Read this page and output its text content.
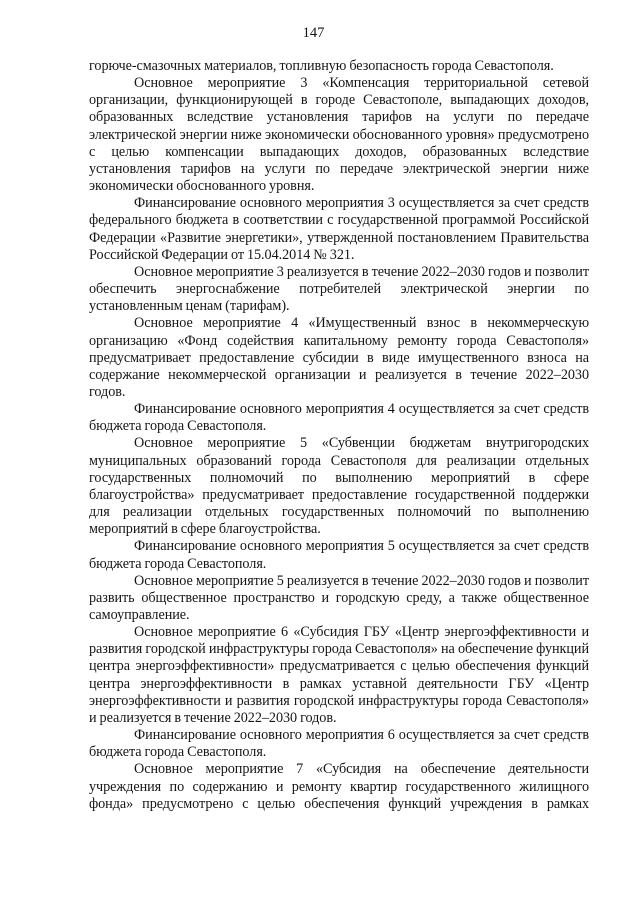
147

горюче-смазочных материалов, топливную безопасность города Севастополя.

Основное мероприятие 3 «Компенсация территориальной сетевой организации, функционирующей в городе Севастополе, выпадающих доходов, образованных вследствие установления тарифов на услуги по передаче электрической энергии ниже экономически обоснованного уровня» предусмотрено с целью компенсации выпадающих доходов, образованных вследствие установления тарифов на услуги по передаче электрической энергии ниже экономически обоснованного уровня.

Финансирование основного мероприятия 3 осуществляется за счет средств федерального бюджета в соответствии с государственной программой Российской Федерации «Развитие энергетики», утвержденной постановлением Правительства Российской Федерации от 15.04.2014 № 321.

Основное мероприятие 3 реализуется в течение 2022–2030 годов и позволит обеспечить энергоснабжение потребителей электрической энергии по установленным ценам (тарифам).

Основное мероприятие 4 «Имущественный взнос в некоммерческую организацию «Фонд содействия капитальному ремонту города Севастополя» предусматривает предоставление субсидии в виде имущественного взноса на содержание некоммерческой организации и реализуется в течение 2022–2030 годов.

Финансирование основного мероприятия 4 осуществляется за счет средств бюджета города Севастополя.

Основное мероприятие 5 «Субвенции бюджетам внутригородских муниципальных образований города Севастополя для реализации отдельных государственных полномочий по выполнению мероприятий в сфере благоустройства» предусматривает предоставление государственной поддержки для реализации отдельных государственных полномочий по выполнению мероприятий в сфере благоустройства.

Финансирование основного мероприятия 5 осуществляется за счет средств бюджета города Севастополя.

Основное мероприятие 5 реализуется в течение 2022–2030 годов и позволит развить общественное пространство и городскую среду, а также общественное самоуправление.

Основное мероприятие 6 «Субсидия ГБУ «Центр энергоэффективности и развития городской инфраструктуры города Севастополя» на обеспечение функций центра энергоэффективности» предусматривается с целью обеспечения функций центра энергоэффективности в рамках уставной деятельности ГБУ «Центр энергоэффективности и развития городской инфраструктуры города Севастополя» и реализуется в течение 2022–2030 годов.

Финансирование основного мероприятия 6 осуществляется за счет средств бюджета города Севастополя.

Основное мероприятие 7 «Субсидия на обеспечение деятельности учреждения по содержанию и ремонту квартир государственного жилищного фонда» предусмотрено с целью обеспечения функций учреждения в рамках
